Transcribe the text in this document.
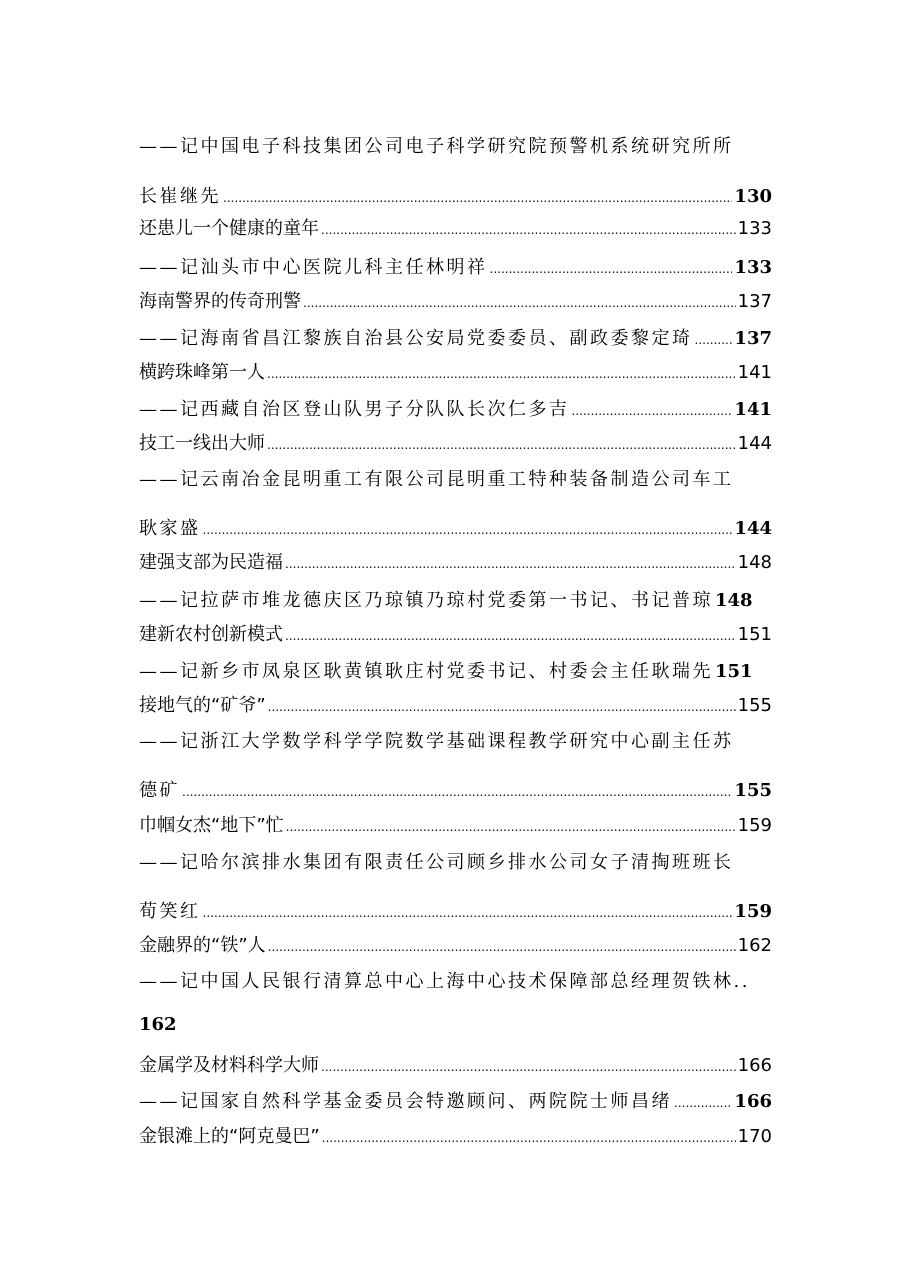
——记中国电子科技集团公司电子科学研究院预警机系统研究所所
长崔继先 .....	130
还患儿一个健康的童年 .....	133
——记汕头市中心医院儿科主任林明祥 .....	133
海南警界的传奇刑警 .....	137
——记海南省昌江黎族自治县公安局党委委员、副政委黎定琦 ..... 137
横跨珠峰第一人 .....	141
——记西藏自治区登山队男子分队队长次仁多吉 .....	141
技工一线出大师 .....	144
——记云南冶金昆明重工有限公司昆明重工特种装备制造公司车工
耿家盛 .....	144
建强支部为民造福 .....	148
——记拉萨市堆龙德庆区乃琼镇乃琼村党委第一书记、书记普琼 148
建新农村创新模式 .....	151
——记新乡市凤泉区耿黄镇耿庄村党委书记、村委会主任耿瑞先 151
接地气的“矿爷” .....	155
——记浙江大学数学科学学院数学基础课程教学研究中心副主任苏
德矿 .....	155
巾帼女杰“地下”忙 .....	159
——记哈尔滨排水集团有限责任公司顾乡排水公司女子清掏班班长
荀笑红 .....	159
金融界的“铁”人 .....	162
——记中国人民银行清算总中心上海中心技术保障部总经理贺铁林..
162
金属学及材料科学大师 .....	166
——记国家自然科学基金委员会特邀顾问、两院院士师昌绪 .....	166
金银滩上的“阿克曼巴” .....	170
